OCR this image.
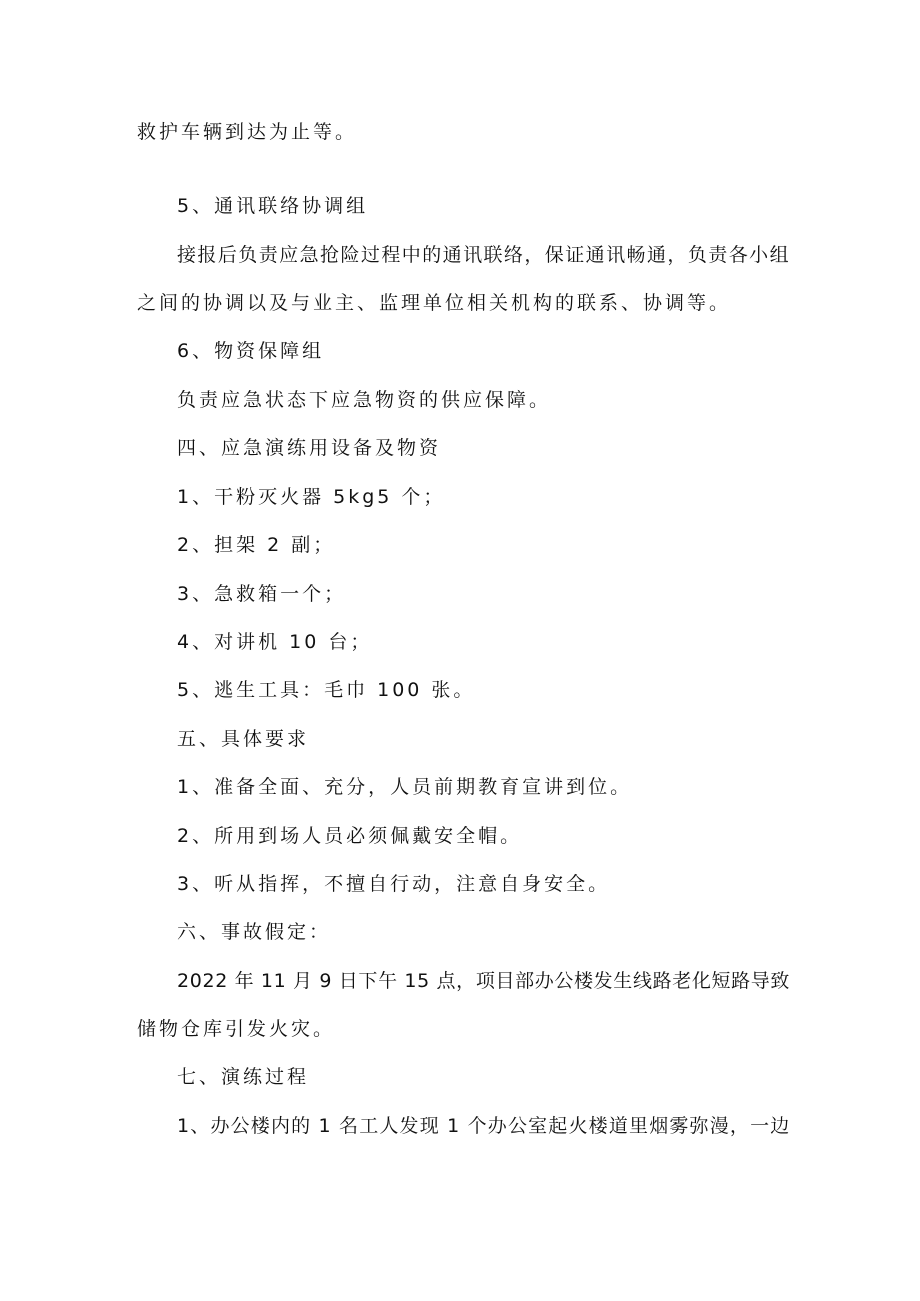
救护车辆到达为止等。
5、通讯联络协调组
接报后负责应急抢险过程中的通讯联络，保证通讯畅通，负责各小组
之间的协调以及与业主、监理单位相关机构的联系、协调等。
6、物资保障组
负责应急状态下应急物资的供应保障。
四、应急演练用设备及物资
1、干粉灭火器 5kg5 个；
2、担架 2 副；
3、急救箱一个；
4、对讲机 10 台；
5、逃生工具：毛巾 100 张。
五、具体要求
1、准备全面、充分，人员前期教育宣讲到位。
2、所用到场人员必须佩戴安全帽。
3、听从指挥，不擅自行动，注意自身安全。
六、事故假定：
2022 年 11 月 9 日下午 15 点，项目部办公楼发生线路老化短路导致
储物仓库引发火灾。
七、演练过程
1、办公楼内的 1 名工人发现 1 个办公室起火楼道里烟雾弥漫，一边
